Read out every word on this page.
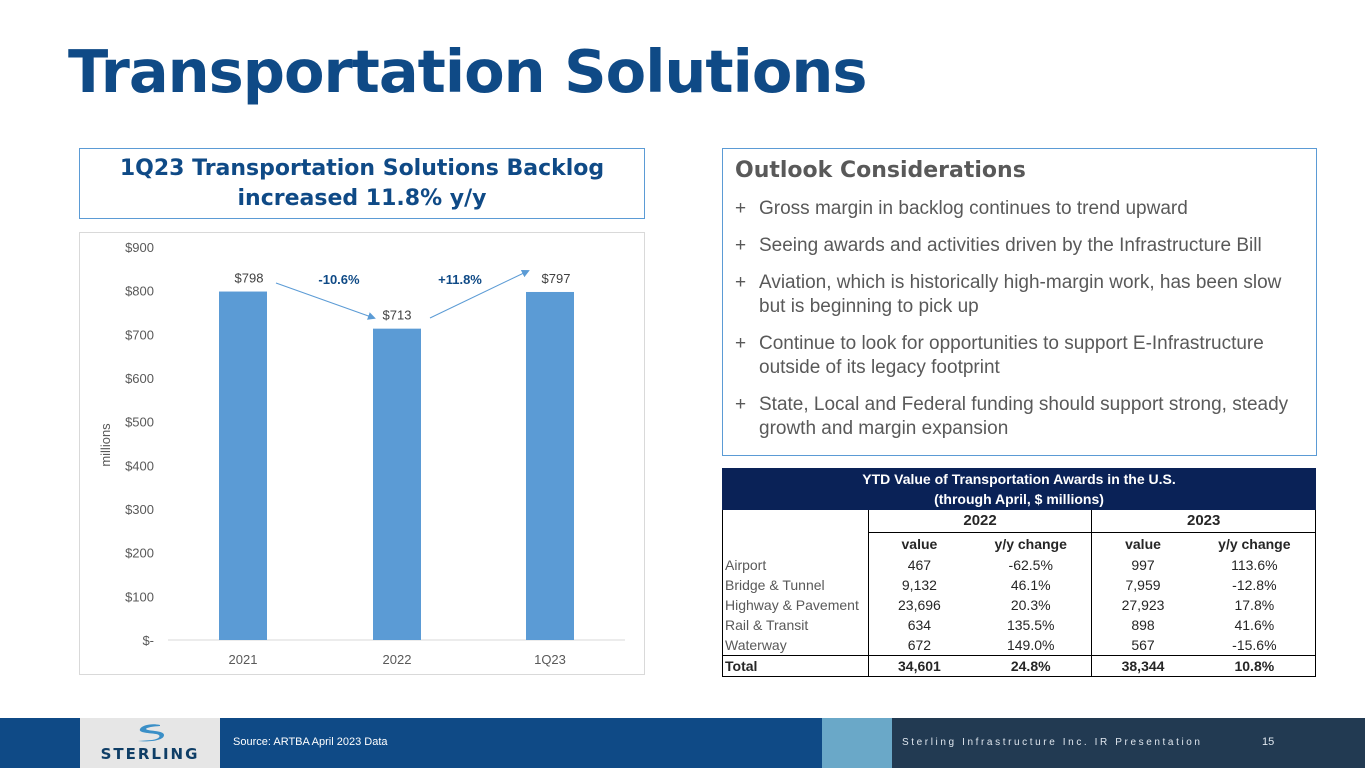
Transportation Solutions
1Q23 Transportation Solutions Backlog
increased 11.8% y/y
$-
$100
$200
$300
$400
$500
$600
$700
$800
$900
$798
2021
$713
2022
$797
1Q23
-10.6%	+11.8%
millions
Outlook Considerations
+ Gross margin in backlog continues to trend upward
+ Seeing awards and activities driven by the Infrastructure Bill
+ Aviation, which is historically high-margin work, has been slow but is beginning to pick up
+ Continue to look for opportunities to support E-Infrastructure outside of its legacy footprint
+ State, Local and Federal funding should support strong, steady growth and margin expansion
YTD Value of Transportation Awards in the U.S.
(through April, $ millions)				

	2022		2023	
	value	y/y change	value	y/y change
Airport	467	-62.5%	997	113.6%
Bridge & Tunnel	9,132	46.1%	7,959	-12.8%
Highway & Pavement	23,696	20.3%	27,923	17.8%
Rail & Transit	634	135.5%	898	41.6%
Waterway	672	149.0%	567	-15.6%
Total	34,601	24.8%	38,344	10.8%
STERLING
Source: ARTBA April 2023 Data	Sterling Infrastructure Inc. IR Presentation	15
